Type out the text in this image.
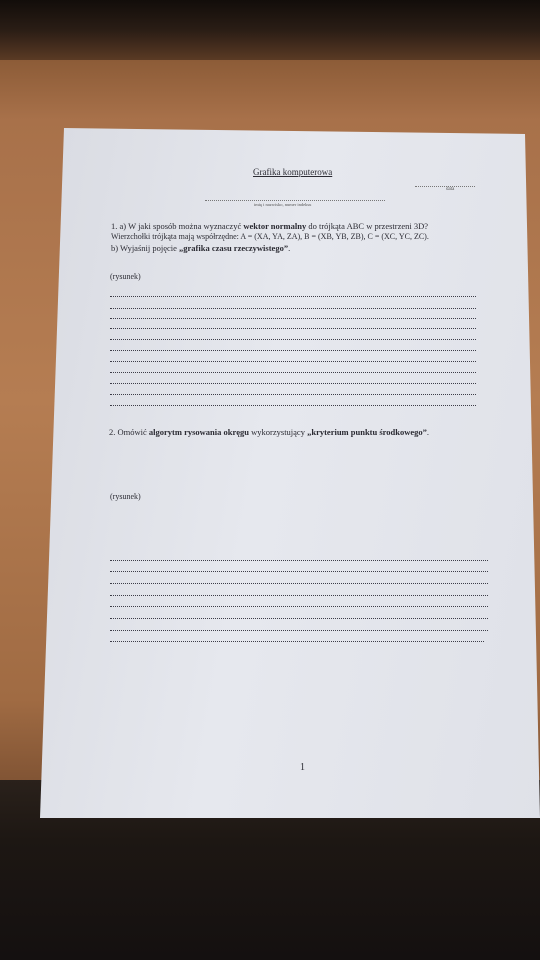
Grafika komputerowa
data
imię i nazwisko, numer indeksu
1. a) W jaki sposób można wyznaczyć wektor normalny do trójkąta ABC w przestrzeni 3D?
Wierzchołki trójkąta mają współrzędne: A = (XA, YA, ZA), B = (XB, YB, ZB), C = (XC, YC, ZC).
b) Wyjaśnij pojęcie „grafika czasu rzeczywistego”.
(rysunek)
2. Omówić algorytm rysowania okręgu wykorzystujący „kryterium punktu środkowego”.
(rysunek)
1
